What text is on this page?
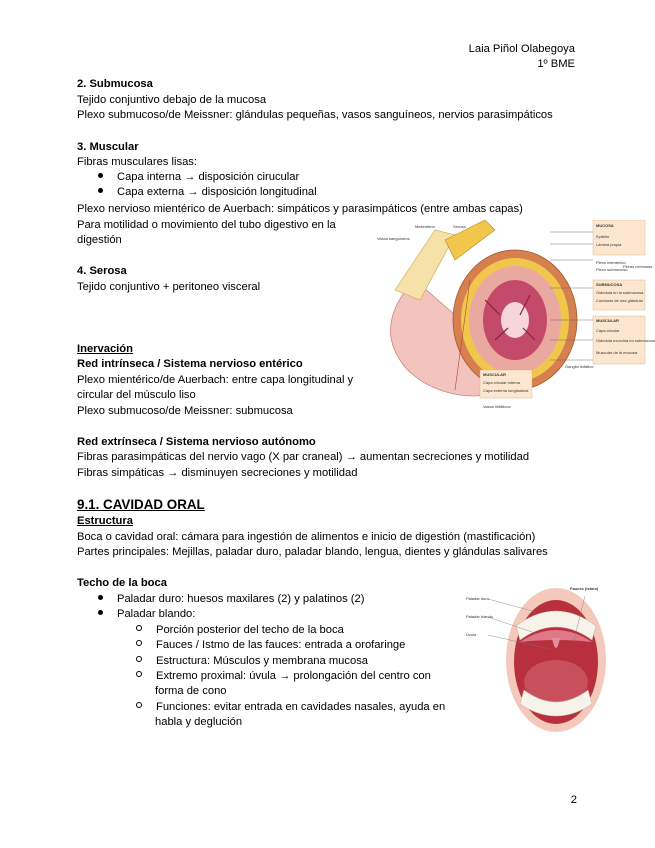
Laia Piñol Olabegoya
1º BME
2. Submucosa
Tejido conjuntivo debajo de la mucosa
Plexo submucoso/de Meissner: glándulas pequeñas, vasos sanguíneos, nervios parasimpáticos
3. Muscular
Fibras musculares lisas:
Capa interna → disposición cirucular
Capa externa → disposición longitudinal
Plexo nervioso mientérico de Auerbach: simpáticos y parasimpáticos (entre ambas capas)
Para motilidad o movimiento del tubo digestivo en la
digestión
4. Serosa
Tejido conjuntivo + peritoneo visceral
Inervación
Red intrínseca / Sistema nervioso entérico
Plexo mientérico/de Auerbach: entre capa longitudinal y
circular del músculo liso
Plexo submucoso/de Meissner: submucosa
Red extrínseca / Sistema nervioso autónomo
Fibras parasimpáticas del nervio vago (X par craneal) → aumentan secreciones y motilidad
Fibras simpáticas → disminuyen secreciones y motilidad
9.1. CAVIDAD ORAL
Estructura
Boca o cavidad oral: cámara para ingestión de alimentos e inicio de digestión (mastificación)
Partes principales: Mejillas, paladar duro, paladar blando, lengua, dientes y glándulas salivares
Techo de la boca
Paladar duro: huesos maxilares (2) y palatinos (2)
Paladar blando:
Porción posterior del techo de la boca
Fauces / Istmo de las fauces: entrada a orofaringe
Estructura: Músculos y membrana mucosa
Extremo proximal: úvula → prolongación del centro con
forma de cono
Funciones: evitar entrada en cavidades nasales, ayuda en
habla y deglución
Mesenterio	Serosa	MUCOSA
Epitelio
Lámina propia
Vasos sanguíneos
Plexo mientérico
Plexo submucoso
Fibras nerviosas
SUBMUCOSA
Glándula en la submucosa
Conducto de una glándula
MUSCULAR
Capa circular
Glándula exocrina en submucosa
Muscular de la mucosa
Ganglio linfático
MUSCULAR
Capa circular interna
Capa externa longitudinal
Vasos linfáticos
Paladar duro
Paladar blando
Úvula
Fauces (istmo)
2
